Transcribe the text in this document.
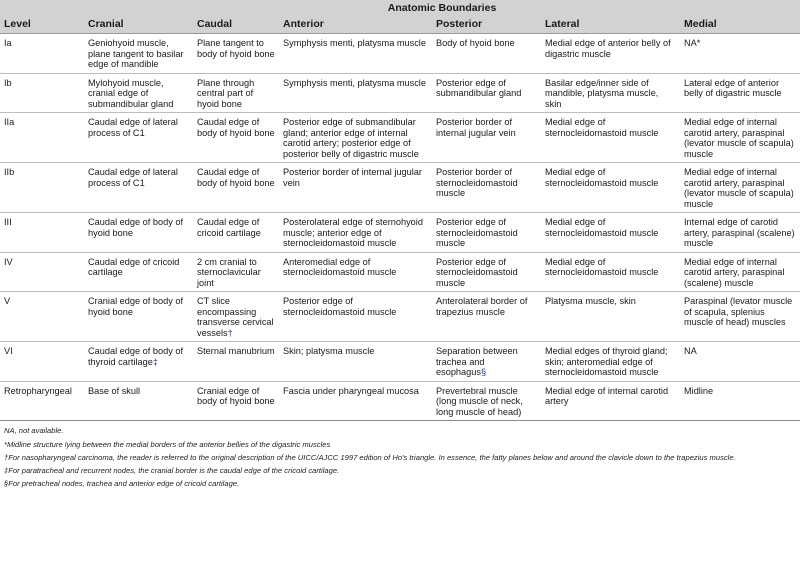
	Anatomic Boundaries					
Level	Cranial	Caudal	Anterior	Posterior	Lateral	Medial
Ia	Geniohyoid muscle, plane tangent to basilar edge of mandible	Plane tangent to body of hyoid bone	Symphysis menti, platysma muscle	Body of hyoid bone	Medial edge of anterior belly of digastric muscle	NA*
Ib	Mylohyoid muscle, cranial edge of submandibular gland	Plane through central part of hyoid bone	Symphysis menti, platysma muscle	Posterior edge of submandibular gland	Basilar edge/inner side of mandible, platysma muscle, skin	Lateral edge of anterior belly of digastric muscle
IIa	Caudal edge of lateral process of C1	Caudal edge of body of hyoid bone	Posterior edge of submandibular gland; anterior edge of internal carotid artery; posterior edge of posterior belly of digastric muscle	Posterior border of internal jugular vein	Medial edge of sternocleidomastoid muscle	Medial edge of internal carotid artery, paraspinal (levator muscle of scapula) muscle
IIb	Caudal edge of lateral process of C1	Caudal edge of body of hyoid bone	Posterior border of internal jugular vein	Posterior border of sternocleidomastoid muscle	Medial edge of sternocleidomastoid muscle	Medial edge of internal carotid artery, paraspinal (levator muscle of scapula) muscle
III	Caudal edge of body of hyoid bone	Caudal edge of cricoid cartilage	Posterolateral edge of sternohyoid muscle; anterior edge of sternocleidomastoid muscle	Posterior edge of sternocleidomastoid muscle	Medial edge of sternocleidomastoid muscle	Internal edge of carotid artery, paraspinal (scalene) muscle
IV	Caudal edge of cricoid cartilage	2 cm cranial to sternoclavicular joint	Anteromedial edge of sternocleidomastoid muscle	Posterior edge of sternocleidomastoid muscle	Medial edge of sternocleidomastoid muscle	Medial edge of internal carotid artery, paraspinal (scalene) muscle
V	Cranial edge of body of hyoid bone	CT slice encompassing transverse cervical vessels†	Posterior edge of sternocleidomastoid muscle	Anterolateral border of trapezius muscle	Platysma muscle, skin	Paraspinal (levator muscle of scapula, splenius muscle of head) muscles
VI	Caudal edge of body of thyroid cartilage‡	Sternal manubrium	Skin; platysma muscle	Separation between trachea and esophagus§	Medial edges of thyroid gland; skin; anteromedial edge of sternocleidomastoid muscle	NA
Retropharyngeal	Base of skull	Cranial edge of body of hyoid bone	Fascia under pharyngeal mucosa	Prevertebral muscle (long muscle of neck, long muscle of head)	Medial edge of internal carotid artery	Midline

NA, not available.

*Midline structure lying between the medial borders of the anterior bellies of the digastric muscles

†For nasopharyngeal carcinoma, the reader is referred to the original description of the UICC/AJCC 1997 edition of Ho's triangle. In essence, the fatty planes below and around the clavicle down to the trapezius muscle.

‡For paratracheal and recurrent nodes, the cranial border is the caudal edge of the cricoid cartilage.

§For pretracheal nodes, trachea and anterior edge of cricoid cartilage.
